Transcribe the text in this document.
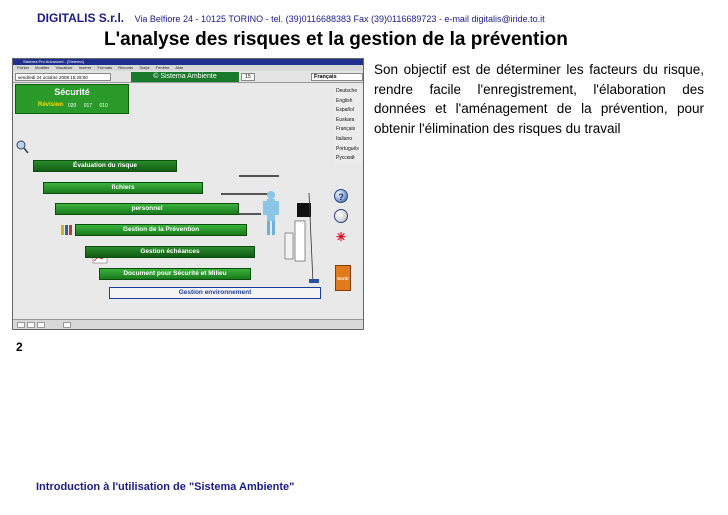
DIGITALIS S.r.l. Via Belfiore 24 - 10125 TORINO - tel. (39)0116688383 Fax (39)0116689723 - e-mail digitalis@iride.to.it
L'analyse des risques et la gestion de la prévention
Sistema Pro Advanced - [Sistema]
Fichier Modifier Visualiser Insérer Formats Records Script Fenêtre Aide
vendredi 24 octobre 2008 15:29:00	© Sistema Ambiente	15	Français
Deutsche
English
Español
Euskara
Français
Italiano
Português
Русский
Sécurité
Révision 020 017 010
Évaluation du risque
fichiers
personnel
Gestion de la Prévention
Gestion échéances
Document pour Sécurité et Milieu
Gestion environnement
?
✳
Sortir
Son objectif est de déterminer les facteurs du risque, rendre facile l'enregistrement, l'élaboration des données et l'aménagement de la prévention, pour obtenir l'élimination des risques du travail
2
Introduction à l'utilisation de "Sistema Ambiente"
